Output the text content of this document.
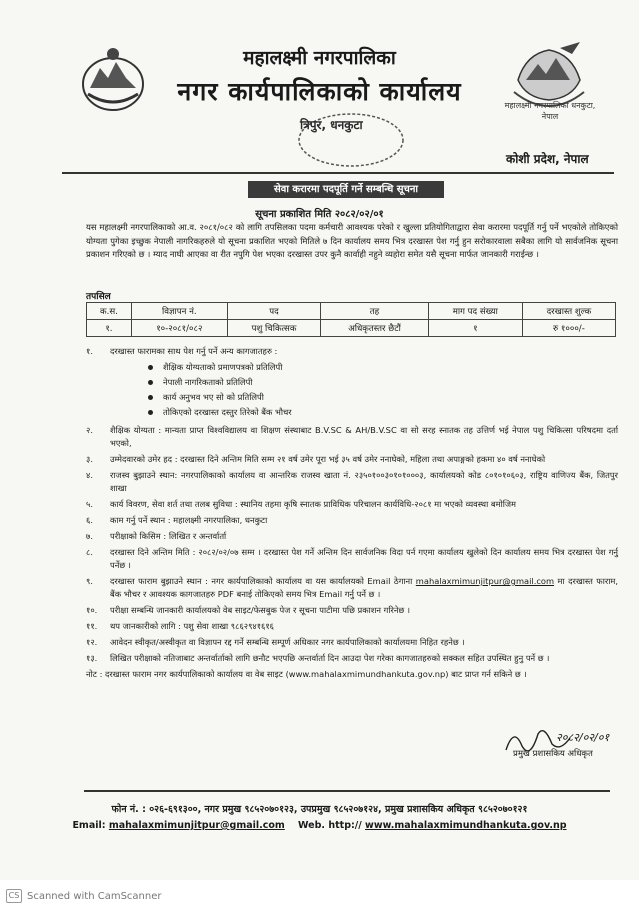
महालक्ष्मी नगरपालिका
नगर कार्यपालिकाको कार्यालय	महालक्ष्मी नगरपालिका धनकुटा, नेपाल
त्रिपुर, धनकुटा
कोशी प्रदेश, नेपाल
सेवा करारमा पदपूर्ति गर्ने सम्बन्धि सूचना
सूचना प्रकाशित मिति २०८२/०२/०१
यस महालक्ष्मी नगरपालिकाको आ.व. २०८१/०८२ को लागि तपसिलका पदमा कर्मचारी आवश्यक परेको र खुल्ला प्रतियोगिताद्वारा सेवा करारमा पदपूर्ति गर्नु पर्ने भएकोले तोकिएको योग्यता पुगेका इच्छुक नेपाली नागरिकहरुले यो सूचना प्रकाशित भएको मितिले ७ दिन कार्यालय समय भित्र दरखास्त पेश गर्नु हुन सरोकारवाला सबैका लागि यो सार्वजनिक सूचना प्रकाशन गरिएको छ । म्याद नाघी आएका वा रीत नपुगि पेश भएका दरखास्त उपर कुनै कार्वाही नहुने व्यहोरा समेत यसै सूचना मार्फत जानकारी गराईन्छ ।
तपसिल
क.स.	विज्ञापन नं.	पद	तह	माग पद संख्या	दरखास्त शुल्क
१.	१०-२०८१/०८२	पशु चिकित्सक	अधिकृतस्तर छैटौं	१	रु १०००/-
१.	दरखास्त फारामका साथ पेश गर्नु पर्ने अन्य कागजातहरु :
शैक्षिक योग्यताको प्रमाणपत्रको प्रतिलिपी
नेपाली नागरिकताको प्रतिलिपी
कार्य अनुभव भए सो को प्रतिलिपी
तोकिएको दरखास्त दस्तुर तिरेको बैंक भौचर
२.	शैक्षिक योग्यता : मान्यता प्राप्त विश्वविद्यालय वा शिक्षण संस्थाबाट B.V.SC & AH/B.V.SC वा सो सरह स्नातक तह उत्तिर्ण भई नेपाल पशु चिकित्सा परिषदमा दर्ता भएको,
३.	उम्मेदवारको उमेर हद : दरखास्त दिने अन्तिम मिति सम्म २१ वर्ष उमेर पूरा भई ३५ वर्ष उमेर ननाघेको, महिला तथा अपाङ्गको हकमा ४० वर्ष ननाघेको
४.	राजस्व बुझाउने स्थान: नगरपालिकाको कार्यालय वा आन्तरिक राजस्व खाता नं. २३५०१००३०१०१०००३, कार्यालयको कोड ८०१०१०६०३, राष्ट्रिय वाणिज्य बैंक, जितपुर शाखा
५.	कार्य विवरण, सेवा शर्त तथा तलब सुविधा : स्थानिय तहमा कृषि स्नातक प्राविधिक परिचालन कार्यविधि-२०८१ मा भएको व्यवस्था बमोजिम
६.	काम गर्नु पर्ने स्थान : महालक्ष्मी नगरपालिका, धनकुटा
७.	परीक्षाको किसिम : लिखित र अन्तर्वार्ता
८.	दरखास्त दिने अन्तिम मिति : २०८२/०२/०७ सम्म । दरखास्त पेश गर्ने अन्तिम दिन सार्वजनिक विदा पर्न गएमा कार्यालय खुलेको दिन कार्यालय समय भित्र दरखास्त पेश गर्नु पर्नेछ ।
९.	दरखास्त फाराम बुझाउने स्थान : नगर कार्यपालिकाको कार्यालय वा यस कार्यालयको Email ठेगाना mahalaxmimunjitpur@gmail.com मा दरखास्त फाराम, बैंक भौचर र आवश्यक कागजातहरु PDF बनाई तोकिएको समय भित्र Email गर्नु पर्ने छ ।
१०.	परीक्षा सम्बन्धि जानकारी कार्यालयको वेब साइट/फेसबुक पेज र सूचना पाटीमा पछि प्रकाशन गरिनेछ ।
११.	थप जानकारीको लागि : पशु सेवा शाखा ९८६२९४१६१६
१२.	आवेदन स्वीकृत/अस्वीकृत वा विज्ञापन रद्द गर्ने सम्बन्धि सम्पूर्ण अधिकार नगर कार्यपालिकाको कार्यालयमा निहित रहनेछ ।
१३.	लिखित परीक्षाको नतिजाबाट अन्तर्वार्ताको लागि छनौट भएपछि अन्तर्वार्ता दिन आउदा पेश गरेका कागजातहरुको सक्कल सहित उपस्थित हुनु पर्ने छ ।
नोट : दरखास्त फाराम नगर कार्यपालिकाको कार्यालय वा वेब साइट (www.mahalaxmimundhankuta.gov.np) बाट प्राप्त गर्न सकिने छ ।
प्रमुख प्रशासकिय अधिकृत
२०८२/०२/०१
फोन नं. : ०२६-६९१३००, नगर प्रमुख ९८५२०७०१२३, उपप्रमुख ९८५२०७१२४, प्रमुख प्रशासकिय अधिकृत ९८५२०७०१२१
Email: mahalaxmimunjitpur@gmail.com Web. http:// www.mahalaxmimundhankuta.gov.np
CS Scanned with CamScanner
